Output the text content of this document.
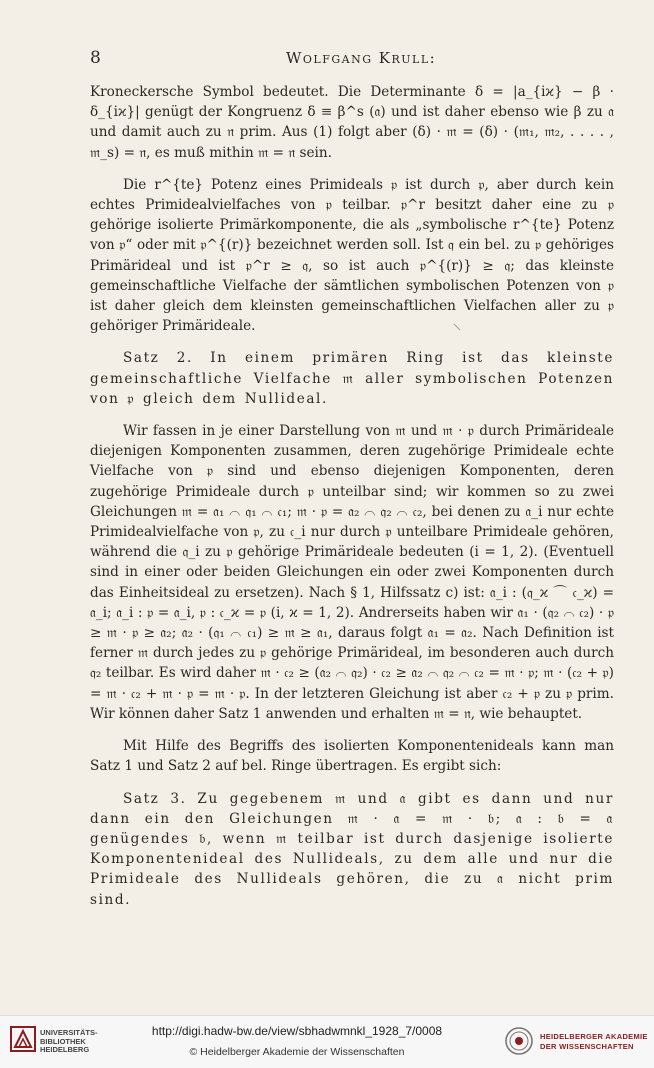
8	Wolfgang Krull:

Kroneckersche Symbol bedeutet. Die Determinante δ = |a_{iϰ} − β · δ_{iϰ}| genügt der Kongruenz δ ≡ β^s (𝔞) und ist daher ebenso wie β zu 𝔞 und damit auch zu 𝔫 prim. Aus (1) folgt aber (δ) · 𝔪 = (δ) · (𝔪₁, 𝔪₂, . . . . , 𝔪_s) = 𝔫, es muß mithin 𝔪 = 𝔫 sein.

Die r^{te} Potenz eines Primideals 𝔭 ist durch 𝔭, aber durch kein echtes Primidealvielfaches von 𝔭 teilbar. 𝔭^r besitzt daher eine zu 𝔭 gehörige isolierte Primärkomponente, die als „symbolische r^{te} Potenz von 𝔭“ oder mit 𝔭^{(r)} bezeichnet werden soll. Ist 𝔮 ein bel. zu 𝔭 gehöriges Primärideal und ist 𝔭^r ≥ 𝔮, so ist auch 𝔭^{(r)} ≥ 𝔮; das kleinste gemeinschaftliche Vielfache der sämtlichen symbolischen Potenzen von 𝔭 ist daher gleich dem kleinsten gemeinschaftlichen Vielfachen aller zu 𝔭 gehöriger Primärideale.

Satz 2. In einem primären Ring ist das kleinste gemeinschaftliche Vielfache 𝔪 aller symbolischen Potenzen von 𝔭 gleich dem Nullideal.

Wir fassen in je einer Darstellung von 𝔪 und 𝔪 · 𝔭 durch Primärideale diejenigen Komponenten zusammen, deren zugehörige Primideale echte Vielfache von 𝔭 sind und ebenso diejenigen Komponenten, deren zugehörige Primideale durch 𝔭 unteilbar sind; wir kommen so zu zwei Gleichungen 𝔪 = 𝔞₁ ⌒ 𝔮₁ ⌒ 𝔠₁; 𝔪 · 𝔭 = 𝔞₂ ⌒ 𝔮₂ ⌒ 𝔠₂, bei denen zu 𝔞_i nur echte Primidealvielfache von 𝔭, zu 𝔠_i nur durch 𝔭 unteilbare Primideale gehören, während die 𝔮_i zu 𝔭 gehörige Primärideale bedeuten (i = 1, 2). (Eventuell sind in einer oder beiden Gleichungen ein oder zwei Komponenten durch das Einheitsideal zu ersetzen). Nach § 1, Hilfssatz c) ist: 𝔞_i : (𝔮_ϰ ⌒ 𝔠_ϰ) = 𝔞_i; 𝔞_i : 𝔭 = 𝔞_i, 𝔭 : 𝔠_ϰ = 𝔭 (i, ϰ = 1, 2). Andrerseits haben wir 𝔞₁ · (𝔮₂ ⌒ 𝔠₂) · 𝔭 ≥ 𝔪 · 𝔭 ≥ 𝔞₂; 𝔞₂ · (𝔮₁ ⌒ 𝔠₁) ≥ 𝔪 ≥ 𝔞₁, daraus folgt 𝔞₁ = 𝔞₂. Nach Definition ist ferner 𝔪 durch jedes zu 𝔭 gehörige Primärideal, im besonderen auch durch 𝔮₂ teilbar. Es wird daher 𝔪 · 𝔠₂ ≥ (𝔞₂ ⌒ 𝔮₂) · 𝔠₂ ≥ 𝔞₂ ⌒ 𝔮₂ ⌒ 𝔠₂ = 𝔪 · 𝔭; 𝔪 · (𝔠₂ + 𝔭) = 𝔪 · 𝔠₂ + 𝔪 · 𝔭 = 𝔪 · 𝔭. In der letzteren Gleichung ist aber 𝔠₂ + 𝔭 zu 𝔭 prim. Wir können daher Satz 1 anwenden und erhalten 𝔪 = 𝔫, wie behauptet.

Mit Hilfe des Begriffs des isolierten Komponentenideals kann man Satz 1 und Satz 2 auf bel. Ringe übertragen. Es ergibt sich:

Satz 3. Zu gegebenem 𝔪 und 𝔞 gibt es dann und nur dann ein den Gleichungen 𝔪 · 𝔞 = 𝔪 · 𝔟; 𝔞 : 𝔟 = 𝔞 genügendes 𝔟, wenn 𝔪 teilbar ist durch dasjenige isolierte Komponentenideal des Nullideals, zu dem alle und nur die Primideale des Nullideals gehören, die zu 𝔞 nicht prim sind.

UNIVERSITÄTS-BIBLIOTHEK HEIDELBERG
http://digi.hadw-bw.de/view/sbhadwmnkl_1928_7/0008
© Heidelberger Akademie der Wissenschaften
HEIDELBERGER AKADEMIE DER WISSENSCHAFTEN
